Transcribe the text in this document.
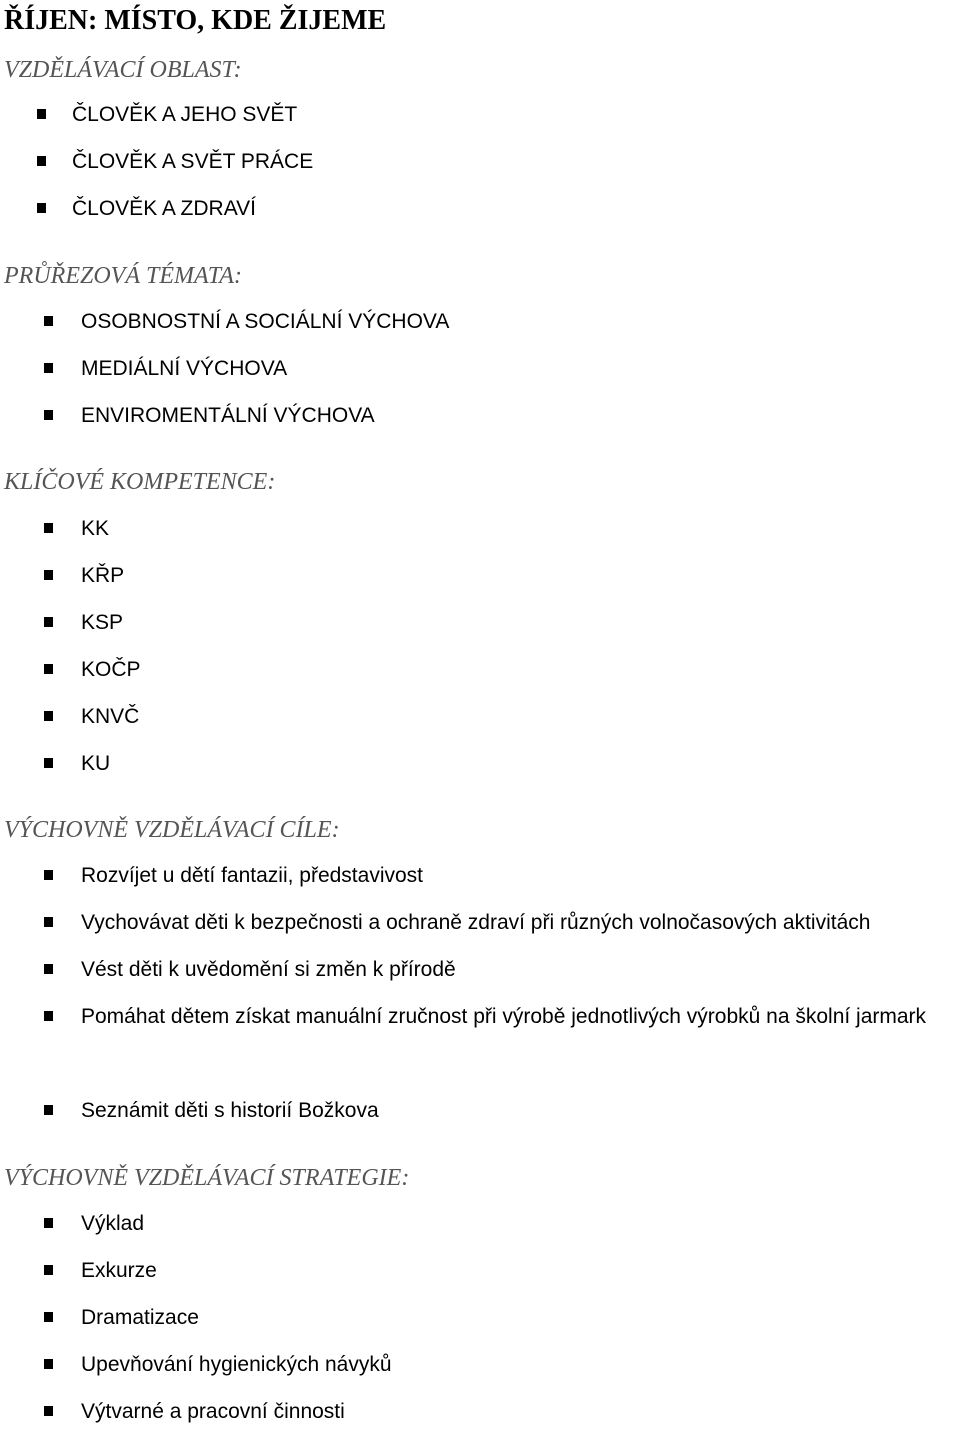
ŘÍJEN: MÍSTO, KDE ŽIJEME
VZDĚLÁVACÍ OBLAST:
ČLOVĚK A JEHO SVĚT
ČLOVĚK A SVĚT PRÁCE
ČLOVĚK A ZDRAVÍ
PRŮŘEZOVÁ TÉMATA:
OSOBNOSTNÍ A SOCIÁLNÍ VÝCHOVA
MEDIÁLNÍ VÝCHOVA
ENVIROMENTÁLNÍ VÝCHOVA
KLÍČOVÉ KOMPETENCE:
KK
KŘP
KSP
KOČP
KNVČ
KU
VÝCHOVNĚ VZDĚLÁVACÍ CÍLE:
Rozvíjet u dětí fantazii, představivost
Vychovávat děti k bezpečnosti a ochraně zdraví při různých volnočasových aktivitách
Vést děti k uvědomění si změn k přírodě
Pomáhat dětem získat manuální zručnost při výrobě jednotlivých výrobků na školní jarmark
Seznámit děti s historií Božkova
VÝCHOVNĚ VZDĚLÁVACÍ STRATEGIE:
Výklad
Exkurze
Dramatizace
Upevňování hygienických návyků
Výtvarné a pracovní činnosti
